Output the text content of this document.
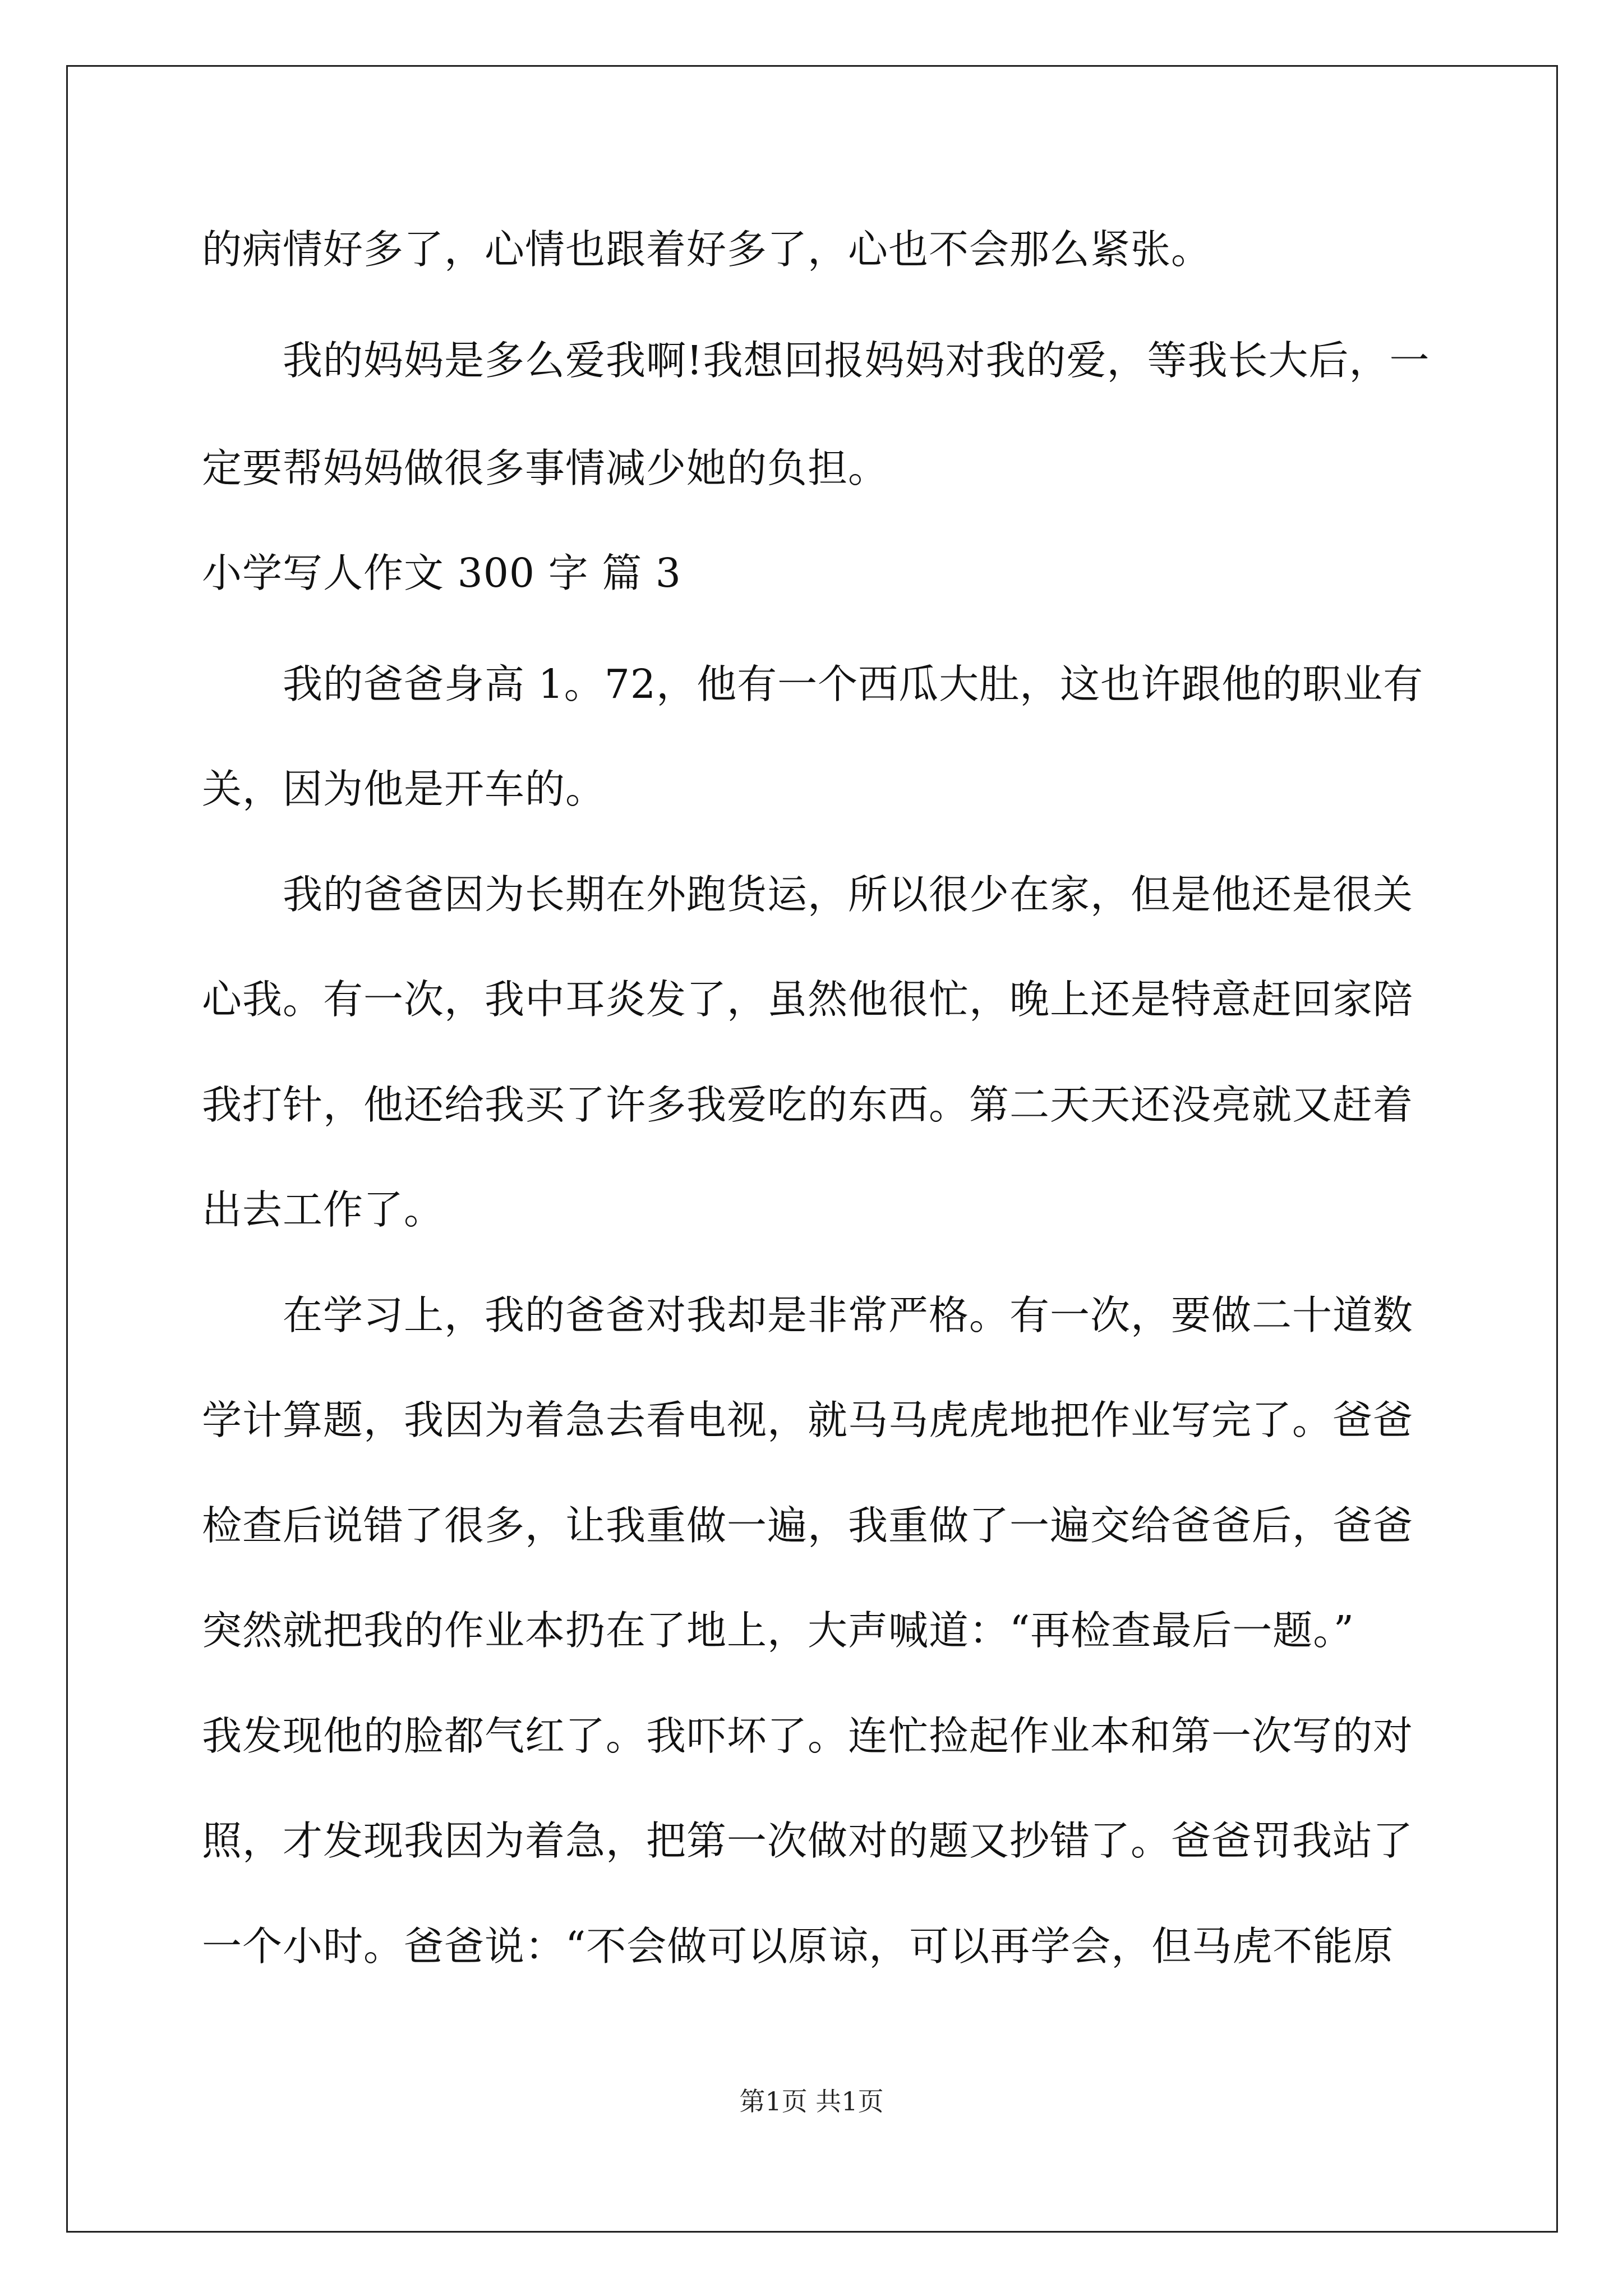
的病情好多了，心情也跟着好多了，心也不会那么紧张。
　　我的妈妈是多么爱我啊!我想回报妈妈对我的爱，等我长大后，一
定要帮妈妈做很多事情减少她的负担。
小学写人作文 300 字 篇 3
　　我的爸爸身高 1。72，他有一个西瓜大肚，这也许跟他的职业有
关，因为他是开车的。
　　我的爸爸因为长期在外跑货运，所以很少在家，但是他还是很关
心我。有一次，我中耳炎发了，虽然他很忙，晚上还是特意赶回家陪
我打针，他还给我买了许多我爱吃的东西。第二天天还没亮就又赶着
出去工作了。
　　在学习上，我的爸爸对我却是非常严格。有一次，要做二十道数
学计算题，我因为着急去看电视，就马马虎虎地把作业写完了。爸爸
检查后说错了很多，让我重做一遍，我重做了一遍交给爸爸后，爸爸
突然就把我的作业本扔在了地上，大声喊道：“再检查最后一题。”
我发现他的脸都气红了。我吓坏了。连忙捡起作业本和第一次写的对
照，才发现我因为着急，把第一次做对的题又抄错了。爸爸罚我站了
一个小时。爸爸说：“不会做可以原谅，可以再学会，但马虎不能原
第1页 共1页
